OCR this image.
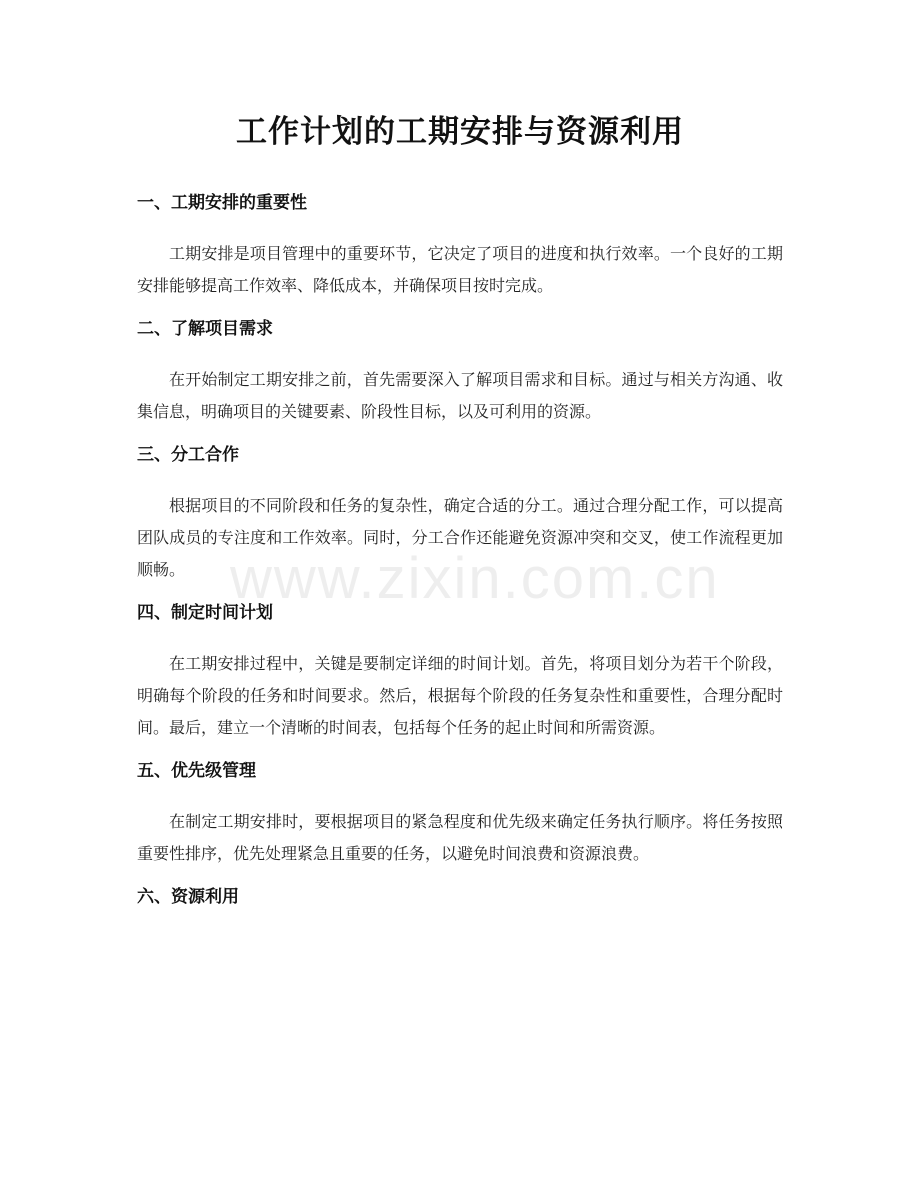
工作计划的工期安排与资源利用
一、工期安排的重要性

工期安排是项目管理中的重要环节，它决定了项目的进度和执行效率。一个良好的工期安排能够提高工作效率、降低成本，并确保项目按时完成。

二、了解项目需求

在开始制定工期安排之前，首先需要深入了解项目需求和目标。通过与相关方沟通、收集信息，明确项目的关键要素、阶段性目标，以及可利用的资源。

三、分工合作

根据项目的不同阶段和任务的复杂性，确定合适的分工。通过合理分配工作，可以提高团队成员的专注度和工作效率。同时，分工合作还能避免资源冲突和交叉，使工作流程更加顺畅。

四、制定时间计划

在工期安排过程中，关键是要制定详细的时间计划。首先，将项目划分为若干个阶段，明确每个阶段的任务和时间要求。然后，根据每个阶段的任务复杂性和重要性，合理分配时间。最后，建立一个清晰的时间表，包括每个任务的起止时间和所需资源。

五、优先级管理

在制定工期安排时，要根据项目的紧急程度和优先级来确定任务执行顺序。将任务按照重要性排序，优先处理紧急且重要的任务，以避免时间浪费和资源浪费。

六、资源利用

www.zixin.com.cn
